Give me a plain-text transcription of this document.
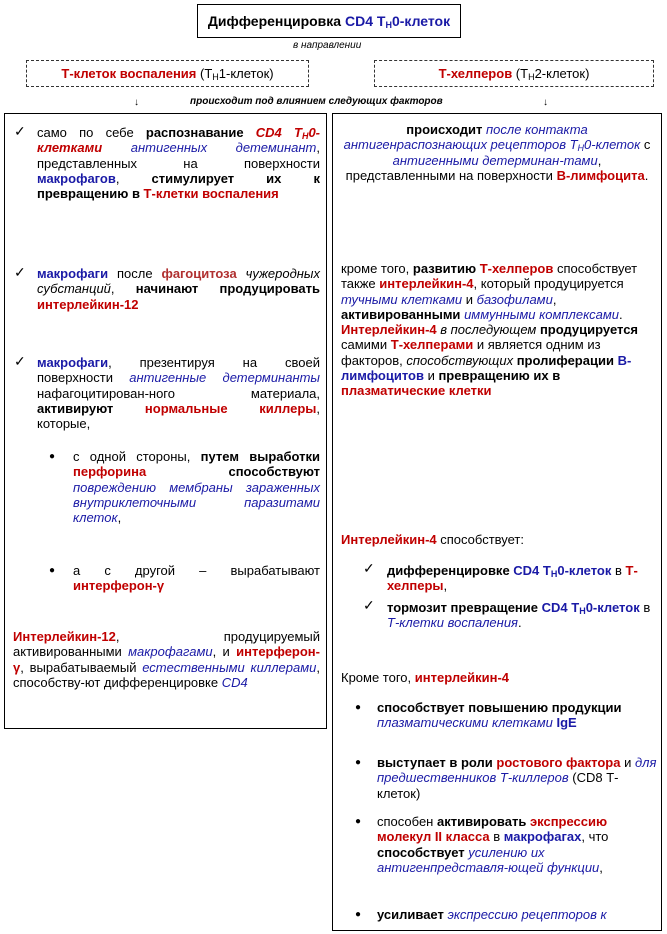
Дифференцировка CD4 $T_H0$-клеток
в направлении
Т-клеток воспаления $(T_H1-клеток)$	Т-хелперов $(T_H2-клеток)$
↓	происходит под влиянием следующих факторов	↓
✓ само по себе распознавание CD4 $T_H0$-клетками антигенных детеминант, представленных на поверхности макрофагов, стимулирует их к превращению в Т-клетки воспаления
✓ макрофаги после фагоцитоза чужеродных субстанций, начинают продуцировать интерлейкин-12
✓ макрофаги, презентируя на своей поверхности антигенные детерминанты нафагоцитирован-ного материала, активируют нормальные киллеры, которые,
● с одной стороны, путем выработки перфорина способствуют повреждению мембраны зараженных внутриклеточными паразитами клеток,
● а с другой – вырабатывают интерферон-γ
Интерлейкин-12, продуцируемый активированными макрофагами, и интерферон-γ, вырабатываемый естественными киллерами, способству-ют дифференцировке CD4
происходит после контакта антигенраспознающих рецепторов $T_H0$-клеток с антигенными детерминан-тами, представленными на поверхности B-лимфоцита.
кроме того, развитию Т-хелперов способствует также интерлейкин-4, который продуцируется тучными клетками и базофилами, активированными иммунными комплексами. Интерлейкин-4 в последующем продуцируется самими Т-хелперами и является одним из факторов, способствующих пролиферации B-лимфоцитов и превращению их в плазматические клетки
Интерлейкин-4 способствует:
✓ дифференцировке CD4 $T_H0$-клеток в Т-хелперы,
✓ тормозит превращение CD4 $T_H0$-клеток в Т-клетки воспаления.
Кроме того, интерлейкин-4
● способствует повышению продукции плазматическими клетками IgE
● выступает в роли ростового фактора и для предшественников Т-киллеров (CD8 Т-клеток)
● способен активировать экспрессию молекул II класса в макрофагах, что способствует усилению их антигенпредставля-ющей функции,
● усиливает экспрессию рецепторов к
